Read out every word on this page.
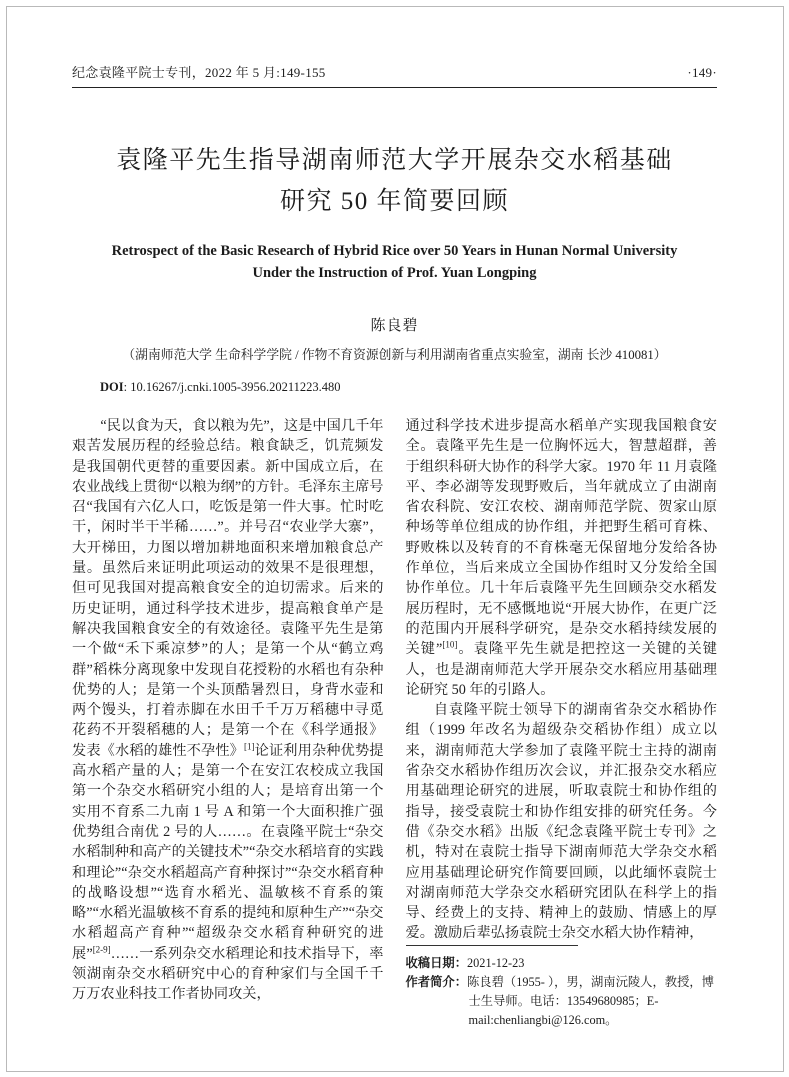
纪念袁隆平院士专刊，2022 年 5 月:149-155	·149·
袁隆平先生指导湖南师范大学开展杂交水稻基础
研究 50 年简要回顾
Retrospect of the Basic Research of Hybrid Rice over 50 Years in Hunan Normal University
Under the Instruction of Prof. Yuan Longping
陈良碧
（湖南师范大学 生命科学学院 / 作物不育资源创新与利用湖南省重点实验室，湖南 长沙 410081）
DOI: 10.16267/j.cnki.1005-3956.20211223.480

“民以食为天，食以粮为先”，这是中国几千年艰苦发展历程的经验总结。粮食缺乏，饥荒频发是我国朝代更替的重要因素。新中国成立后，在农业战线上贯彻“以粮为纲”的方针。毛泽东主席号召“我国有六亿人口，吃饭是第一件大事。忙时吃干，闲时半干半稀……”。并号召“农业学大寨”，大开梯田，力图以增加耕地面积来增加粮食总产量。虽然后来证明此项运动的效果不是很理想，但可见我国对提高粮食安全的迫切需求。后来的历史证明，通过科学技术进步，提高粮食单产是解决我国粮食安全的有效途径。袁隆平先生是第一个做“禾下乘凉梦”的人；是第一个从“鹤立鸡群”稻株分离现象中发现自花授粉的水稻也有杂种优势的人；是第一个头顶酷暑烈日，身背水壶和两个馒头，打着赤脚在水田千千万万稻穗中寻觅花药不开裂稻穗的人；是第一个在《科学通报》发表《水稻的雄性不孕性》[1]论证利用杂种优势提高水稻产量的人；是第一个在安江农校成立我国第一个杂交水稻研究小组的人；是培育出第一个实用不育系二九南 1 号 A 和第一个大面积推广强优势组合南优 2 号的人……。在袁隆平院士“杂交水稻制种和高产的关键技术”“杂交水稻培育的实践和理论”“杂交水稻超高产育种探讨”“杂交水稻育种的战略设想”“选育水稻光、温敏核不育系的策略”“水稻光温敏核不育系的提纯和原种生产”“杂交水稻超高产育种”“超级杂交水稻育种研究的进展”[2-9]……一系列杂交水稻理论和技术指导下，率领湖南杂交水稻研究中心的育种家们与全国千千万万农业科技工作者协同攻关，

通过科学技术进步提高水稻单产实现我国粮食安全。袁隆平先生是一位胸怀远大，智慧超群，善于组织科研大协作的科学大家。1970 年 11 月袁隆平、李必湖等发现野败后，当年就成立了由湖南省农科院、安江农校、湖南师范学院、贺家山原种场等单位组成的协作组，并把野生稻可育株、野败株以及转育的不育株毫无保留地分发给各协作单位，当后来成立全国协作组时又分发给全国协作单位。几十年后袁隆平先生回顾杂交水稻发展历程时，无不感慨地说“开展大协作，在更广泛的范围内开展科学研究，是杂交水稻持续发展的关键”[10]。袁隆平先生就是把控这一关键的关键人，也是湖南师范大学开展杂交水稻应用基础理论研究 50 年的引路人。

自袁隆平院士领导下的湖南省杂交水稻协作组（1999 年改名为超级杂交稻协作组）成立以来，湖南师范大学参加了袁隆平院士主持的湖南省杂交水稻协作组历次会议，并汇报杂交水稻应用基础理论研究的进展，听取袁院士和协作组的指导，接受袁院士和协作组安排的研究任务。今借《杂交水稻》出版《纪念袁隆平院士专刊》之机，特对在袁院士指导下湖南师范大学杂交水稻应用基础理论研究作简要回顾，以此缅怀袁院士对湖南师范大学杂交水稻研究团队在科学上的指导、经费上的支持、精神上的鼓励、情感上的厚爱。激励后辈弘扬袁院士杂交水稻大协作精神，

收稿日期：2021-12-23
作者简介：陈良碧（1955- ），男，湖南沅陵人，教授，博士生导师。电话：13549680985；E-mail:chenliangbi@126.com。
